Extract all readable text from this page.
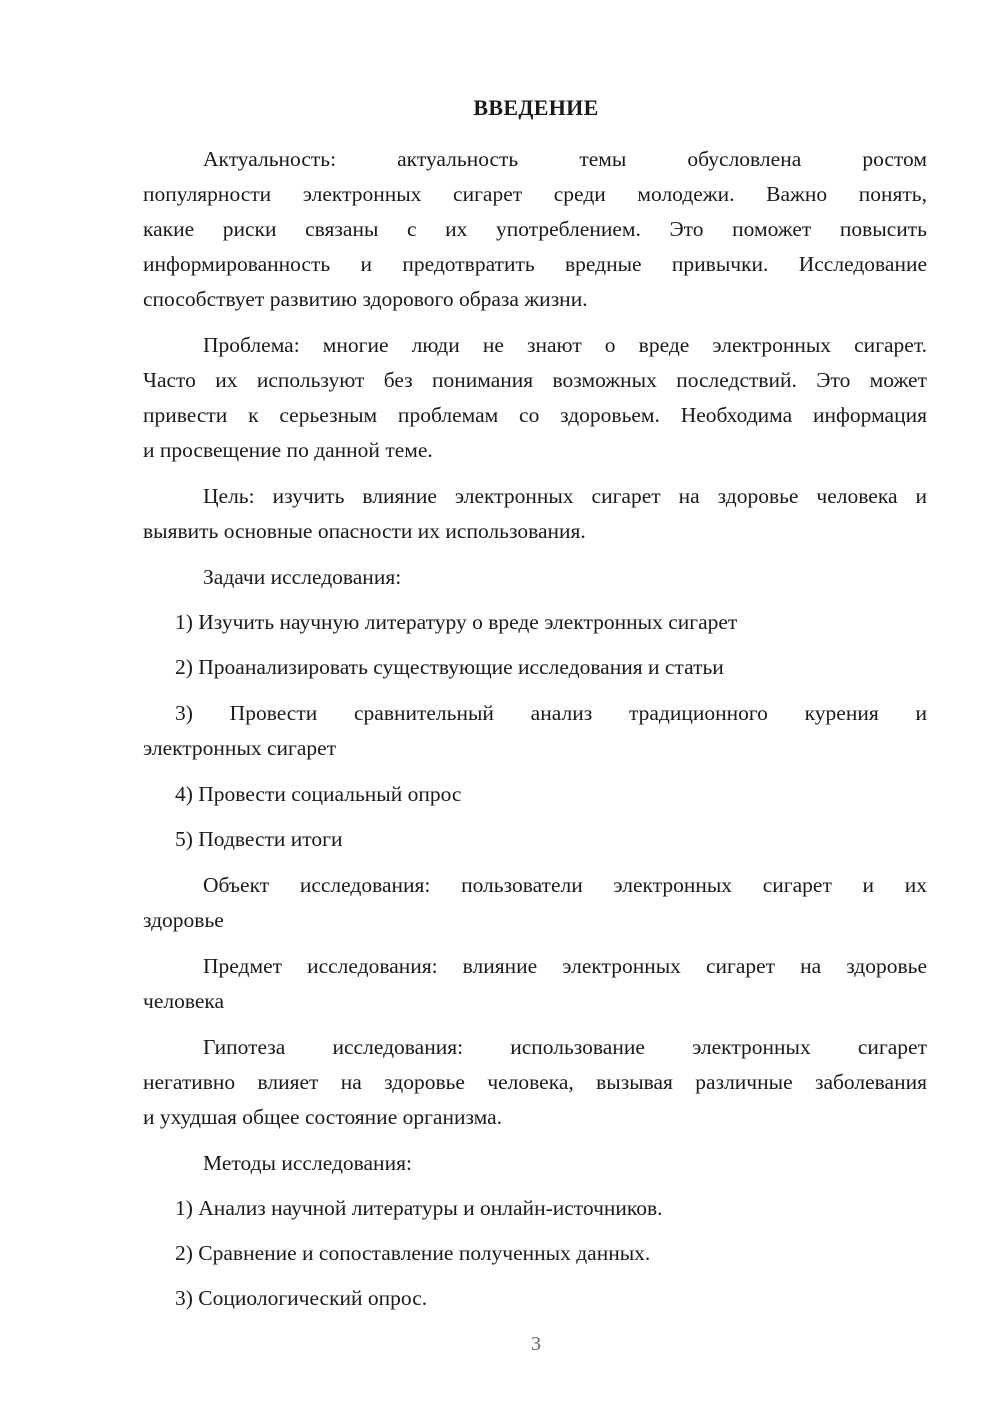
ВВЕДЕНИЕ
Актуальность: актуальность темы обусловлена ростом
популярности электронных сигарет среди молодежи. Важно понять,
какие риски связаны с их употреблением. Это поможет повысить
информированность и предотвратить вредные привычки. Исследование
способствует развитию здорового образа жизни.
Проблема: многие люди не знают о вреде электронных сигарет.
Часто их используют без понимания возможных последствий. Это может
привести к серьезным проблемам со здоровьем. Необходима информация
и просвещение по данной теме.
Цель: изучить влияние электронных сигарет на здоровье человека и
выявить основные опасности их использования.
Задачи исследования:
1) Изучить научную литературу о вреде электронных сигарет
2) Проанализировать существующие исследования и статьи
3) Провести сравнительный анализ традиционного курения и
электронных сигарет
4) Провести социальный опрос
5) Подвести итоги
Объект исследования: пользователи электронных сигарет и их
здоровье
Предмет исследования: влияние электронных сигарет на здоровье
человека
Гипотеза исследования: использование электронных сигарет
негативно влияет на здоровье человека, вызывая различные заболевания
и ухудшая общее состояние организма.
Методы исследования:
1) Анализ научной литературы и онлайн-источников.
2) Сравнение и сопоставление полученных данных.
3) Социологический опрос.
3
